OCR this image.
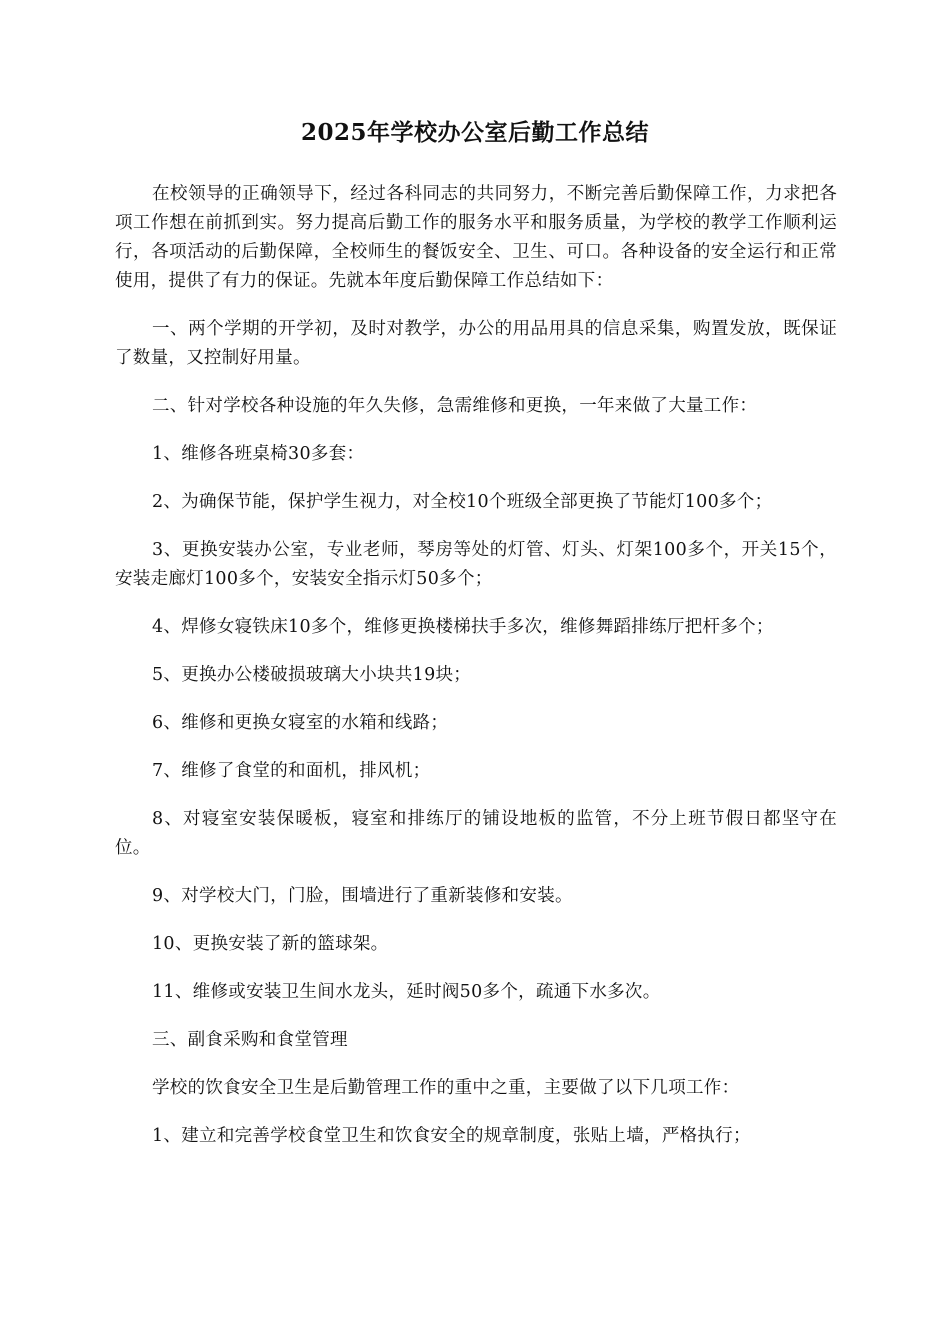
2025年学校办公室后勤工作总结

在校领导的正确领导下，经过各科同志的共同努力，不断完善后勤保障工作，力求把各项工作想在前抓到实。努力提高后勤工作的服务水平和服务质量，为学校的教学工作顺利运行，各项活动的后勤保障，全校师生的餐饭安全、卫生、可口。各种设备的安全运行和正常使用，提供了有力的保证。先就本年度后勤保障工作总结如下：

一、两个学期的开学初，及时对教学，办公的用品用具的信息采集，购置发放，既保证了数量，又控制好用量。

二、针对学校各种设施的年久失修，急需维修和更换，一年来做了大量工作：

1、维修各班桌椅30多套：

2、为确保节能，保护学生视力，对全校10个班级全部更换了节能灯100多个；

3、更换安装办公室，专业老师，琴房等处的灯管、灯头、灯架100多个，开关15个，安装走廊灯100多个，安装安全指示灯50多个；

4、焊修女寝铁床10多个，维修更换楼梯扶手多次，维修舞蹈排练厅把杆多个；

5、更换办公楼破损玻璃大小块共19块；

6、维修和更换女寝室的水箱和线路；

7、维修了食堂的和面机，排风机；

8、对寝室安装保暖板，寝室和排练厅的铺设地板的监管，不分上班节假日都坚守在位。

9、对学校大门，门脸，围墙进行了重新装修和安装。

10、更换安装了新的篮球架。

11、维修或安装卫生间水龙头，延时阀50多个，疏通下水多次。

三、副食采购和食堂管理

学校的饮食安全卫生是后勤管理工作的重中之重，主要做了以下几项工作：

1、建立和完善学校食堂卫生和饮食安全的规章制度，张贴上墙，严格执行；
